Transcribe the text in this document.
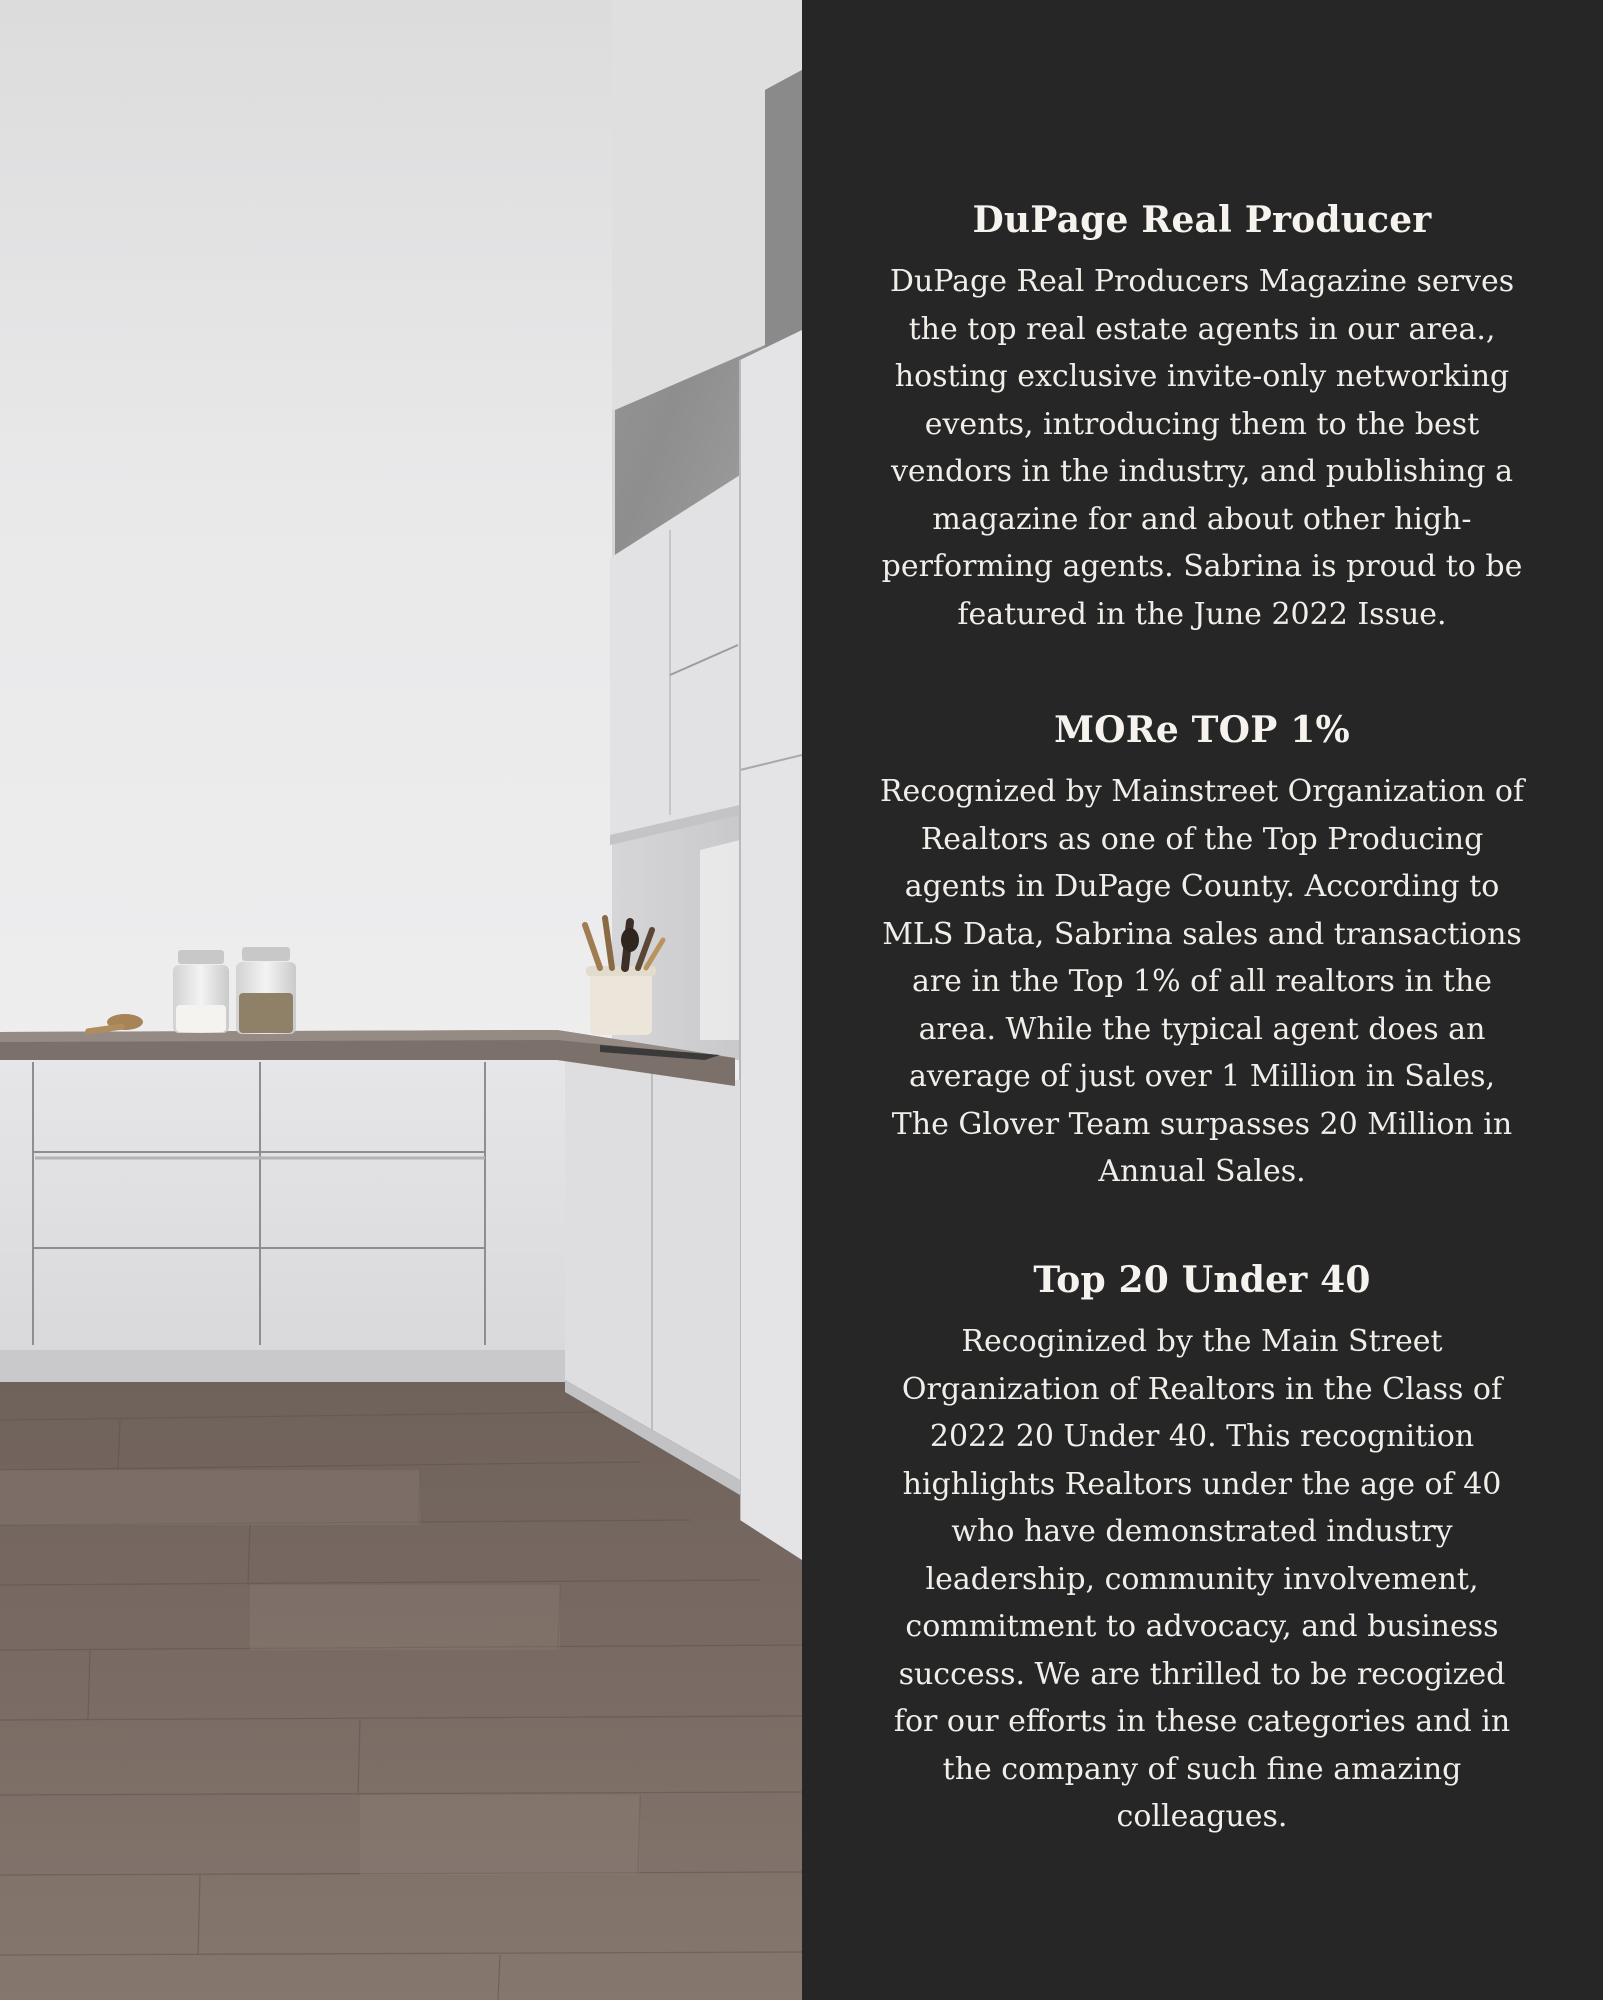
DuPage Real Producer

DuPage Real Producers Magazine serves the top real estate agents in our area., hosting exclusive invite-only networking events, introducing them to the best vendors in the industry, and publishing a magazine for and about other high-performing agents. Sabrina is proud to be featured in the June 2022 Issue.

MORe TOP 1%

Recognized by Mainstreet Organization of Realtors as one of the Top Producing agents in DuPage County. According to MLS Data, Sabrina sales and transactions are in the Top 1% of all realtors in the area. While the typical agent does an average of just over 1 Million in Sales, The Glover Team surpasses 20 Million in Annual Sales.

Top 20 Under 40

Recoginized by the Main Street Organization of Realtors in the Class of 2022 20 Under 40. This recognition highlights Realtors under the age of 40 who have demonstrated industry leadership, community involvement, commitment to advocacy, and business success. We are thrilled to be recogized for our efforts in these categories and in the company of such fine amazing colleagues.
